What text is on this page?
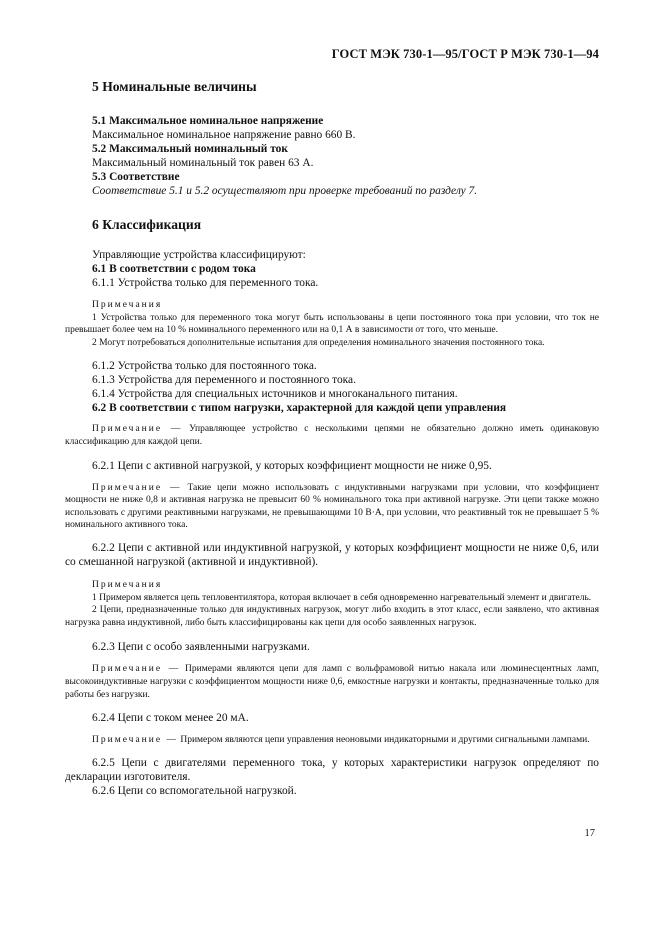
ГОСТ МЭК 730-1—95/ГОСТ Р МЭК 730-1—94

5 Номинальные величины

5.1 Максимальное номинальное напряжение

Максимальное номинальное напряжение равно 660 В.

5.2 Максимальный номинальный ток

Максимальный номинальный ток равен 63 А.

5.3 Соответствие

Соответствие 5.1 и 5.2 осуществляют при проверке требований по разделу 7.

6 Классификация

Управляющие устройства классифицируют:

6.1 В соответствии с родом тока

6.1.1 Устройства только для переменного тока.

Примечания

1 Устройства только для переменного тока могут быть использованы в цепи постоянного тока при условии, что ток не превышает более чем на 10 % номинального переменного или на 0,1 А в зависимости от того, что меньше.

2 Могут потребоваться дополнительные испытания для определения номинального значения постоянного тока.

6.1.2 Устройства только для постоянного тока.

6.1.3 Устройства для переменного и постоянного тока.

6.1.4 Устройства для специальных источников и многоканального питания.

6.2 В соответствии с типом нагрузки, характерной для каждой цепи управления

Примечание — Управляющее устройство с несколькими цепями не обязательно должно иметь одинаковую классификацию для каждой цепи.

6.2.1 Цепи с активной нагрузкой, у которых коэффициент мощности не ниже 0,95.

Примечание — Такие цепи можно использовать с индуктивными нагрузками при условии, что коэффициент мощности не ниже 0,8 и активная нагрузка не превысит 60 % номинального тока при активной нагрузке. Эти цепи также можно использовать с другими реактивными нагрузками, не превышающими 10 В·А, при условии, что реактивный ток не превышает 5 % номинального активного тока.

6.2.2 Цепи с активной или индуктивной нагрузкой, у которых коэффициент мощности не ниже 0,6, или со смешанной нагрузкой (активной и индуктивной).

Примечания

1 Примером является цепь тепловентилятора, которая включает в себя одновременно нагревательный элемент и двигатель.

2 Цепи, предназначенные только для индуктивных нагрузок, могут либо входить в этот класс, если заявлено, что активная нагрузка равна индуктивной, либо быть классифицированы как цепи для особо заявленных нагрузок.

6.2.3 Цепи с особо заявленными нагрузками.

Примечание — Примерами являются цепи для ламп с вольфрамовой нитью накала или люминесцентных ламп, высокоиндуктивные нагрузки с коэффициентом мощности ниже 0,6, емкостные нагрузки и контакты, предназначенные только для работы без нагрузки.

6.2.4 Цепи с током менее 20 мА.

Примечание — Примером являются цепи управления неоновыми индикаторными и другими сигнальными лампами.

6.2.5 Цепи с двигателями переменного тока, у которых характеристики нагрузок определяют по декларации изготовителя.

6.2.6 Цепи со вспомогательной нагрузкой.

17
